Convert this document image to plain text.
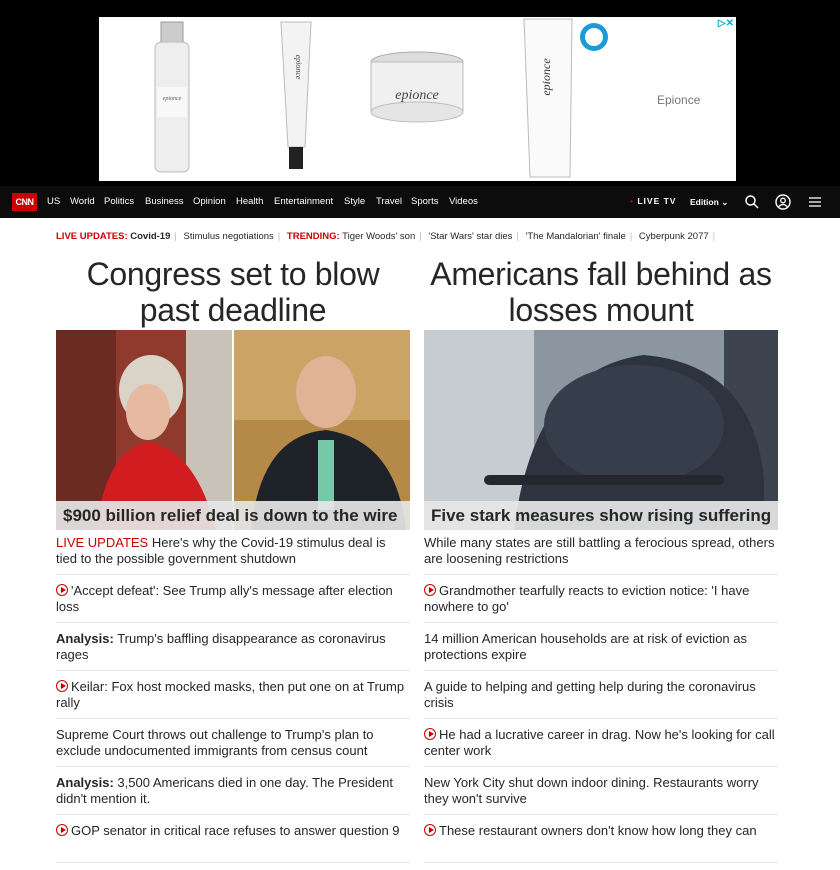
epionce
epionce
epionce	epionce
Epionce
▷✕
CNN	US World Politics Business Opinion Health Entertainment Style Travel Sports Videos	• LIVE TV Edition ⌄
LIVE UPDATES: Covid-19 | Stimulus negotiations | TRENDING: Tiger Woods' son | 'Star Wars' star dies | 'The Mandalorian' finale | Cyberpunk 2077 |
Congress set to blow past deadline
Americans fall behind as losses mount
$900 billion relief deal is down to the wire	Five stark measures show rising suffering
LIVE UPDATES Here's why the Covid-19 stimulus deal is tied to the possible government shutdown
'Accept defeat': See Trump ally's message after election loss
Analysis: Trump's baffling disappearance as coronavirus rages
Keilar: Fox host mocked masks, then put one on at Trump rally
Supreme Court throws out challenge to Trump's plan to exclude undocumented immigrants from census count
Analysis: 3,500 Americans died in one day. The President didn't mention it.
GOP senator in critical race refuses to answer question 9
While many states are still battling a ferocious spread, others are loosening restrictions
Grandmother tearfully reacts to eviction notice: 'I have nowhere to go'
14 million American households are at risk of eviction as protections expire
A guide to helping and getting help during the coronavirus crisis
He had a lucrative career in drag. Now he's looking for call center work
New York City shut down indoor dining. Restaurants worry they won't survive
These restaurant owners don't know how long they can
